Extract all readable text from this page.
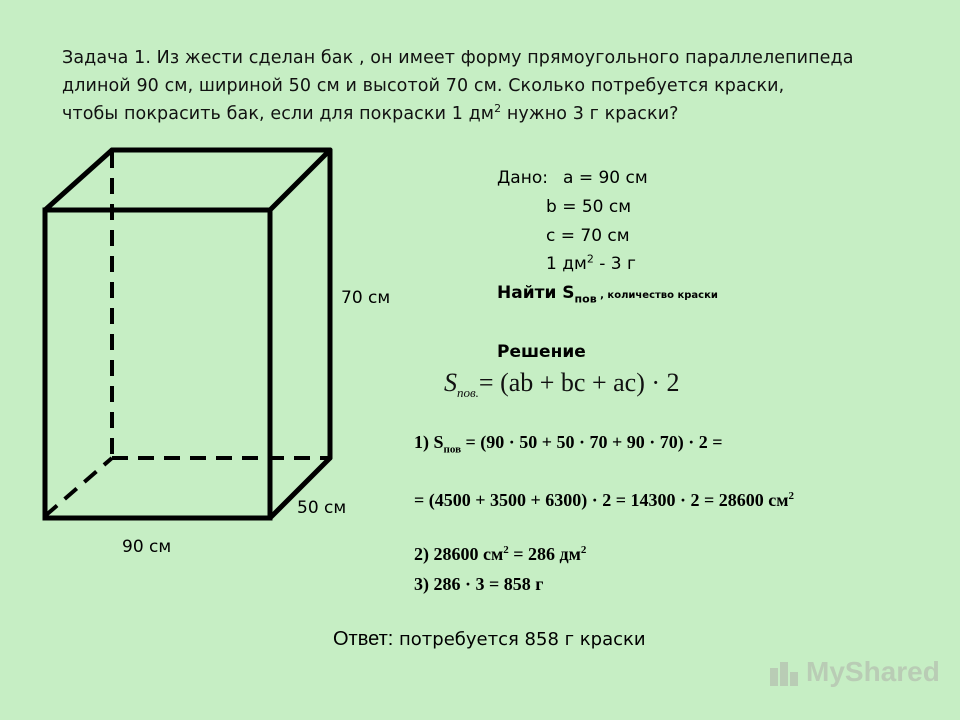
Задача 1. Из жести сделан бак , он имеет форму прямоугольного параллелепипеда
длиной 90 см, шириной 50 см и высотой 70 см. Сколько потребуется краски,
чтобы покрасить бак, если для покраски 1 $дм^2$ нужно 3 г краски?
70 см
50 см
90 см
Дано: а = 90 см
b = 50 см
с = 70 см
1 $дм^2 - 3$ г
Найти $S_{пов}$ , количество краски
Решение
$S_{пов.}= (ab$ + bc + ac) · 2
1) $S_{пов} = (90 \cdot 50 + 50 \cdot 70 + 90 \cdot 70) \cdot 2$ =
= (4500 + 3500 + 6300) · 2 = 14300 · 2 = 28600 $см^2$
2) 28600 $см^2 = 286$ $дм^2$
3) 286 · 3 = 858 г
Ответ: потребуется 858 г краски
MyShared
